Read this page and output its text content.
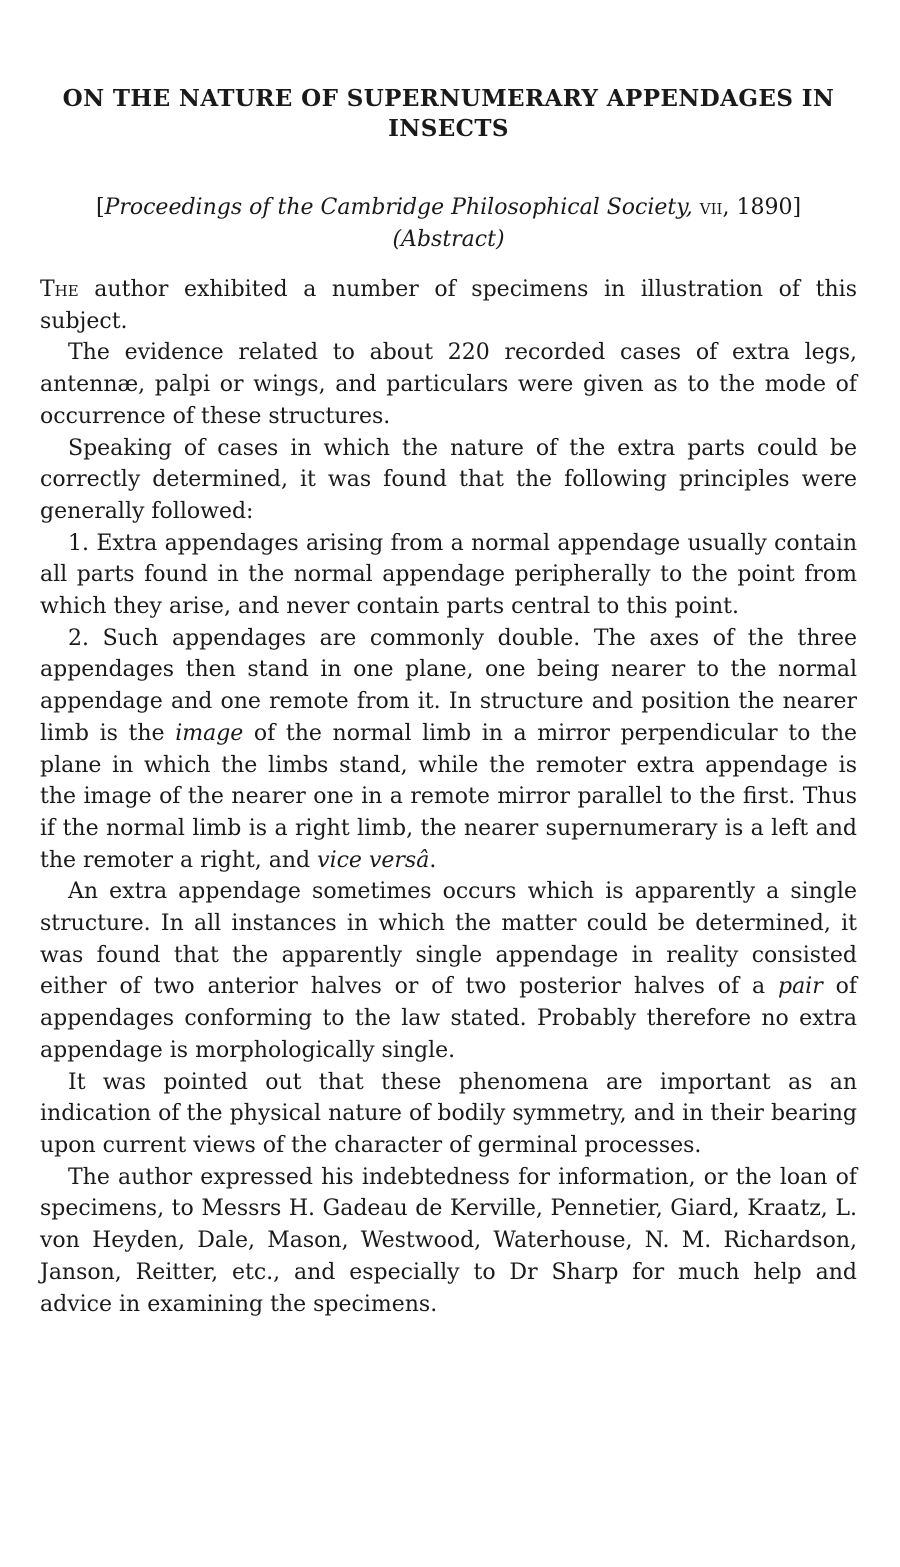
ON THE NATURE OF SUPERNUMERARY APPENDAGES IN INSECTS

[Proceedings of the Cambridge Philosophical Society, vii, 1890]

(Abstract)

The author exhibited a number of specimens in illustration of this subject.

The evidence related to about 220 recorded cases of extra legs, antennæ, palpi or wings, and particulars were given as to the mode of occurrence of these structures.

Speaking of cases in which the nature of the extra parts could be correctly determined, it was found that the following principles were generally followed:

1. Extra appendages arising from a normal appendage usually contain all parts found in the normal appendage peripherally to the point from which they arise, and never contain parts central to this point.

2. Such appendages are commonly double. The axes of the three appendages then stand in one plane, one being nearer to the normal appendage and one remote from it. In structure and position the nearer limb is the image of the normal limb in a mirror perpendicular to the plane in which the limbs stand, while the remoter extra appendage is the image of the nearer one in a remote mirror parallel to the first. Thus if the normal limb is a right limb, the nearer supernumerary is a left and the remoter a right, and vice versâ.

An extra appendage sometimes occurs which is apparently a single structure. In all instances in which the matter could be determined, it was found that the apparently single appendage in reality consisted either of two anterior halves or of two posterior halves of a pair of appendages conforming to the law stated. Probably therefore no extra appendage is morphologically single.

It was pointed out that these phenomena are important as an indication of the physical nature of bodily symmetry, and in their bearing upon current views of the character of germinal processes.

The author expressed his indebtedness for information, or the loan of specimens, to Messrs H. Gadeau de Kerville, Pennetier, Giard, Kraatz, L. von Heyden, Dale, Mason, Westwood, Waterhouse, N. M. Richardson, Janson, Reitter, etc., and especially to Dr Sharp for much help and advice in examining the specimens.
